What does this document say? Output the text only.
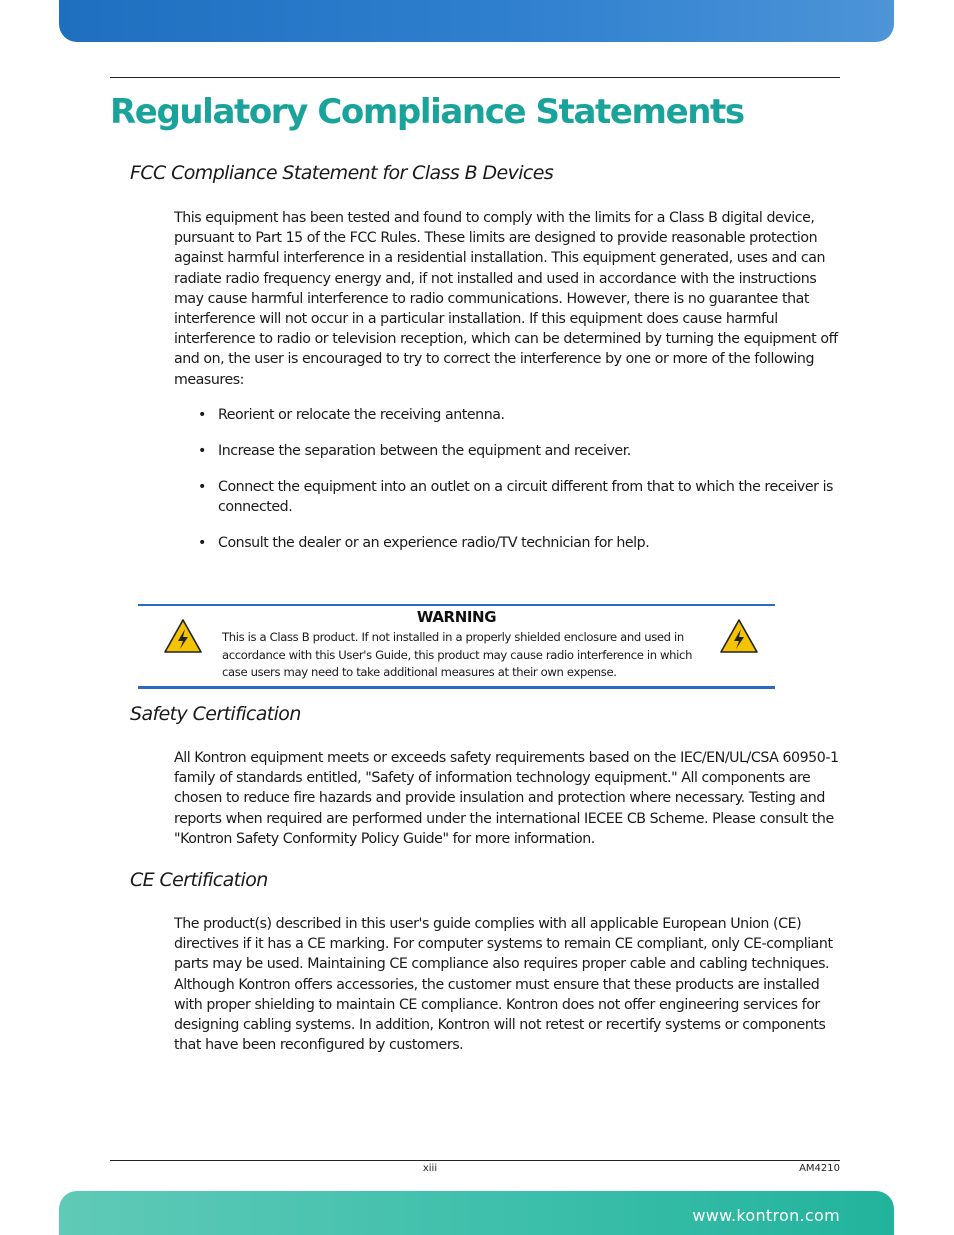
Regulatory Compliance Statements
FCC Compliance Statement for Class B Devices

This equipment has been tested and found to comply with the limits for a Class B digital device, pursuant to Part 15 of the FCC Rules. These limits are designed to provide reasonable protection against harmful interference in a residential installation. This equipment generated, uses and can radiate radio frequency energy and, if not installed and used in accordance with the instructions may cause harmful interference to radio communications. However, there is no guarantee that interference will not occur in a particular installation. If this equipment does cause harmful interference to radio or television reception, which can be determined by turning the equipment off and on, the user is encouraged to try to correct the interference by one or more of the following measures:

• Reorient or relocate the receiving antenna.
• Increase the separation between the equipment and receiver.
• Connect the equipment into an outlet on a circuit different from that to which the receiver is connected.
• Consult the dealer or an experience radio/TV technician for help.
WARNING

This is a Class B product. If not installed in a properly shielded enclosure and used in accordance with this User's Guide, this product may cause radio interference in which case users may need to take additional measures at their own expense.

Safety Certification

All Kontron equipment meets or exceeds safety requirements based on the IEC/EN/UL/CSA 60950-1 family of standards entitled, "Safety of information technology equipment." All components are chosen to reduce fire hazards and provide insulation and protection where necessary. Testing and reports when required are performed under the international IECEE CB Scheme. Please consult the "Kontron Safety Conformity Policy Guide" for more information.

CE Certification

The product(s) described in this user's guide complies with all applicable European Union (CE) directives if it has a CE marking. For computer systems to remain CE compliant, only CE-compliant parts may be used. Maintaining CE compliance also requires proper cable and cabling techniques. Although Kontron offers accessories, the customer must ensure that these products are installed with proper shielding to maintain CE compliance. Kontron does not offer engineering services for designing cabling systems. In addition, Kontron will not retest or recertify systems or components that have been reconfigured by customers.

xiii	AM4210
www.kontron.com
